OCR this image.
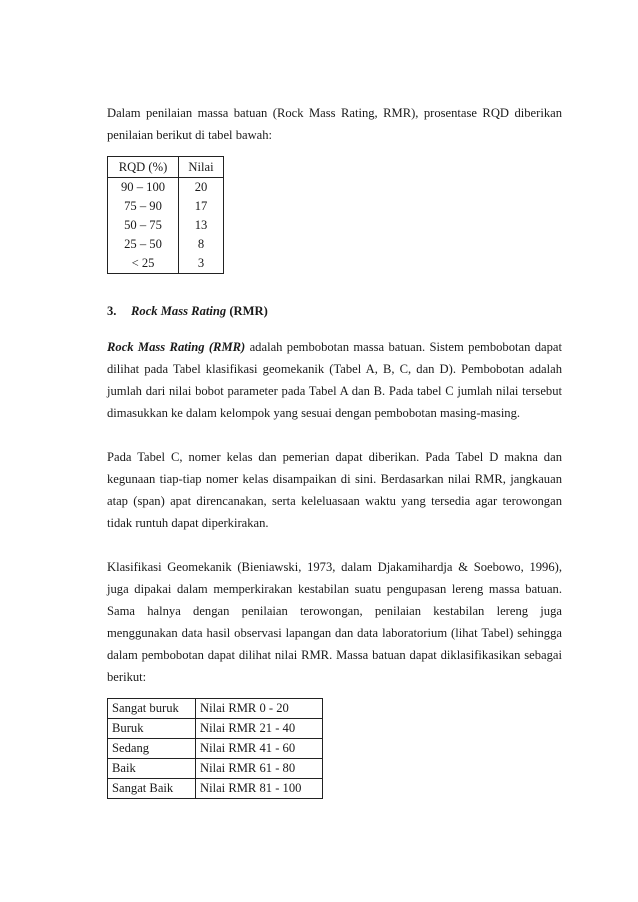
Dalam penilaian massa batuan (Rock Mass Rating, RMR), prosentase RQD diberikan penilaian berikut di tabel bawah:

RQD (%)	Nilai
90 – 100	20
75 – 90	17
50 – 75	13
25 – 50	8
< 25	3

3. Rock Mass Rating (RMR)

Rock Mass Rating (RMR) adalah pembobotan massa batuan. Sistem pembobotan dapat dilihat pada Tabel klasifikasi geomekanik (Tabel A, B, C, dan D). Pembobotan adalah jumlah dari nilai bobot parameter pada Tabel A dan B. Pada tabel C jumlah nilai tersebut dimasukkan ke dalam kelompok yang sesuai dengan pembobotan masing-masing.

Pada Tabel C, nomer kelas dan pemerian dapat diberikan. Pada Tabel D makna dan kegunaan tiap-tiap nomer kelas disampaikan di sini. Berdasarkan nilai RMR, jangkauan atap (span) apat direncanakan, serta keleluasaan waktu yang tersedia agar terowongan tidak runtuh dapat diperkirakan.

Klasifikasi Geomekanik (Bieniawski, 1973, dalam Djakamihardja & Soebowo, 1996), juga dipakai dalam memperkirakan kestabilan suatu pengupasan lereng massa batuan. Sama halnya dengan penilaian terowongan, penilaian kestabilan lereng juga menggunakan data hasil observasi lapangan dan data laboratorium (lihat Tabel) sehingga dalam pembobotan dapat dilihat nilai RMR. Massa batuan dapat diklasifikasikan sebagai berikut:

Sangat buruk	Nilai RMR 0 - 20
Buruk	Nilai RMR 21 - 40
Sedang	Nilai RMR 41 - 60
Baik	Nilai RMR 61 - 80
Sangat Baik	Nilai RMR 81 - 100
